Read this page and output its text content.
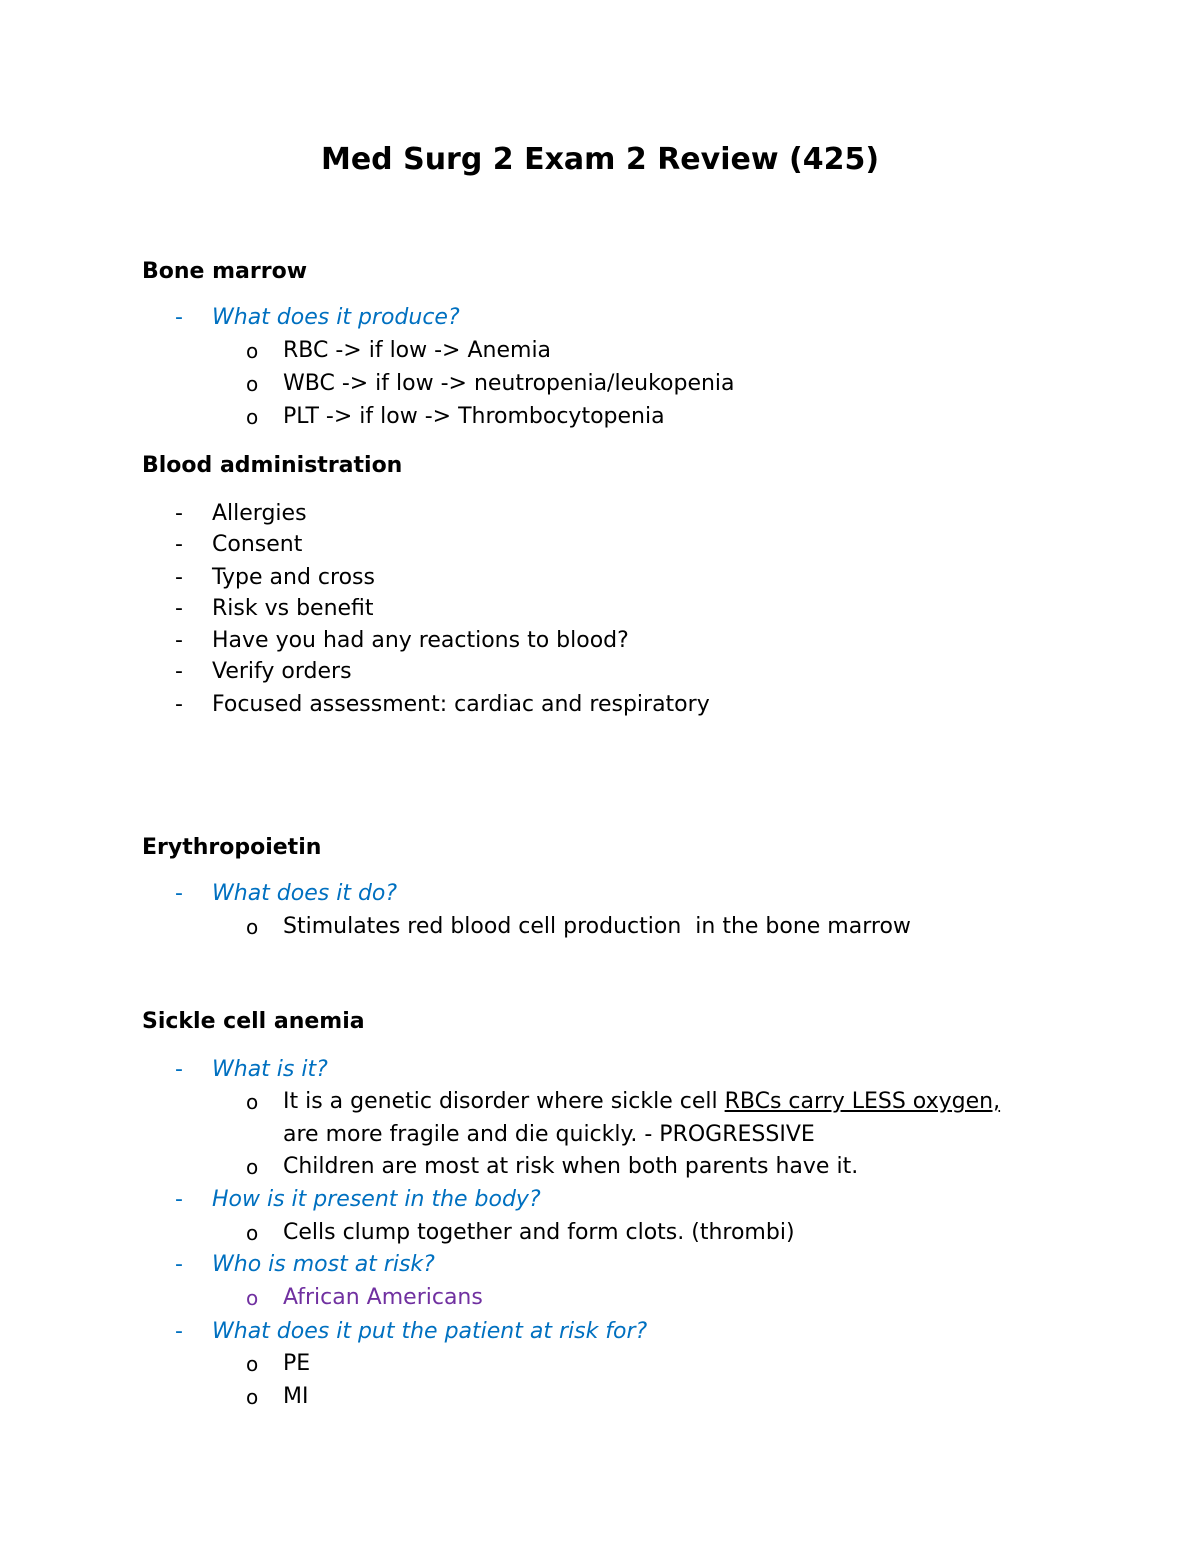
Med Surg 2 Exam 2 Review (425)
Bone marrow
- What does it produce?
o RBC -> if low -> Anemia
o WBC -> if low -> neutropenia/leukopenia
o PLT -> if low -> Thrombocytopenia
Blood administration
- Allergies
- Consent
- Type and cross
- Risk vs benefit
- Have you had any reactions to blood?
- Verify orders
- Focused assessment: cardiac and respiratory
Erythropoietin
- What does it do?
o Stimulates red blood cell production  in the bone marrow
Sickle cell anemia
- What is it?
o It is a genetic disorder where sickle cell RBCs carry LESS oxygen,
are more fragile and die quickly. - PROGRESSIVE
o Children are most at risk when both parents have it.
- How is it present in the body?
o Cells clump together and form clots. (thrombi)
- Who is most at risk?
o African Americans
- What does it put the patient at risk for?
o PE
o MI
